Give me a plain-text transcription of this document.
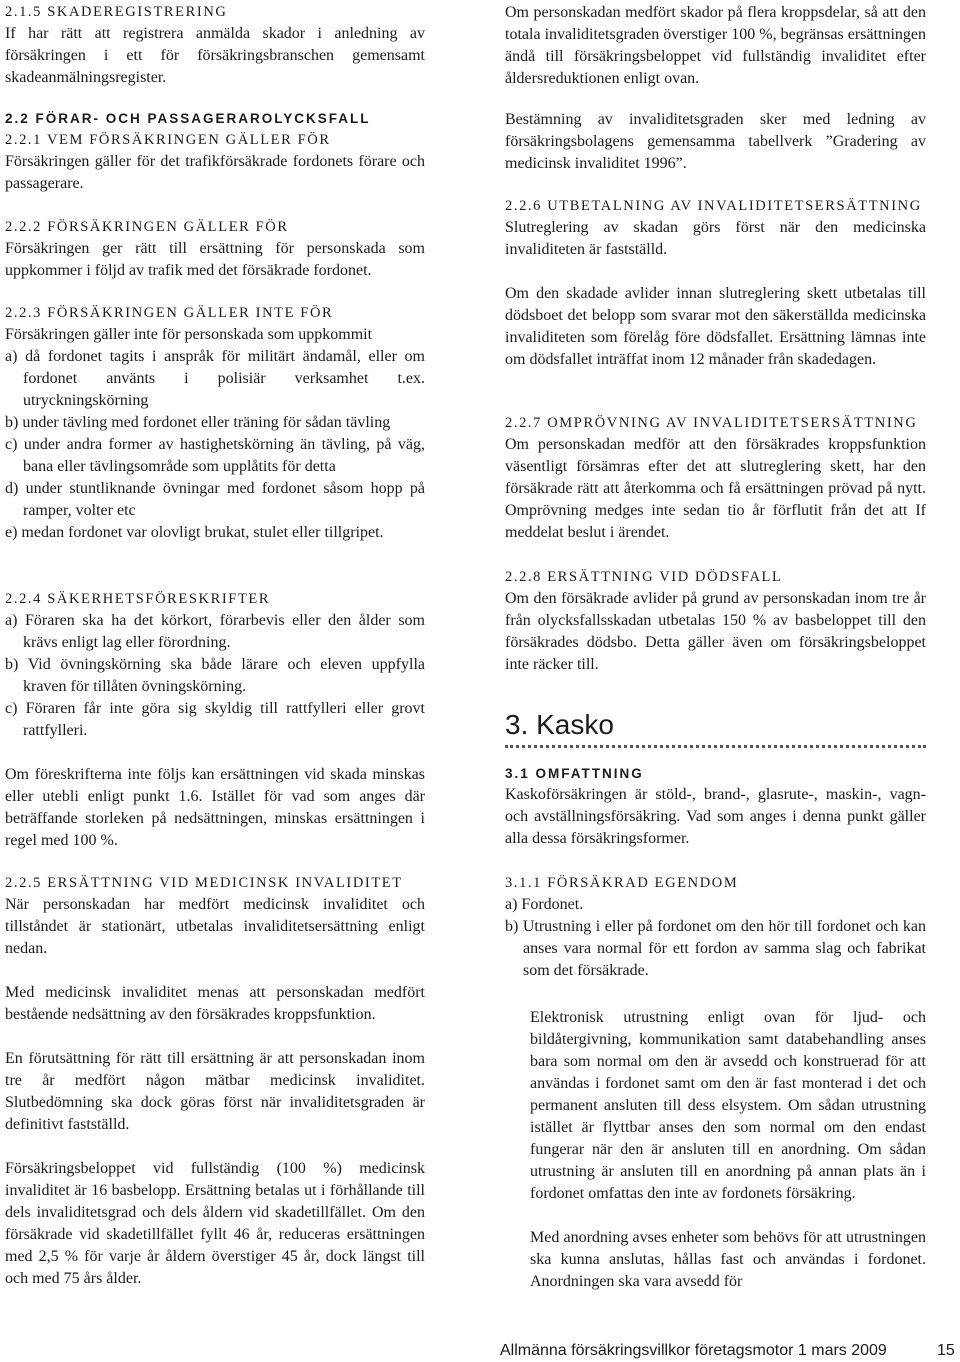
2.1.5 SKADEREGISTRERING
If har rätt att registrera anmälda skador i anledning av försäkringen i ett för försäkringsbranschen gemensamt skadeanmälningsregister.
2.2 FÖRAR- OCH PASSAGERAROLYCKSFALL
2.2.1 VEM FÖRSÄKRINGEN GÄLLER FÖR
Försäkringen gäller för det trafikförsäkrade fordonets förare och passagerare.
2.2.2 FÖRSÄKRINGEN GÄLLER FÖR
Försäkringen ger rätt till ersättning för personskada som uppkommer i följd av trafik med det försäkrade fordonet.
2.2.3 FÖRSÄKRINGEN GÄLLER INTE FÖR
Försäkringen gäller inte för personskada som uppkommit
a) då fordonet tagits i anspråk för militärt ändamål, eller om fordonet använts i polisiär verksamhet t.ex. utryckningskörning
b) under tävling med fordonet eller träning för sådan tävling
c) under andra former av hastighetskörning än tävling, på väg, bana eller tävlingsområde som upplåtits för detta
d) under stuntliknande övningar med fordonet såsom hopp på ramper, volter etc
e) medan fordonet var olovligt brukat, stulet eller tillgripet.
2.2.4 SÄKERHETSFÖRESKRIFTER
a) Föraren ska ha det körkort, förarbevis eller den ålder som krävs enligt lag eller förordning.
b) Vid övningskörning ska både lärare och eleven uppfylla kraven för tillåten övningskörning.
c) Föraren får inte göra sig skyldig till rattfylleri eller grovt rattfylleri.
Om föreskrifterna inte följs kan ersättningen vid skada minskas eller utebli enligt punkt 1.6. Istället för vad som anges där beträffande storleken på nedsättningen, minskas ersättningen i regel med 100 %.
2.2.5 ERSÄTTNING VID MEDICINSK INVALIDITET
När personskadan har medfört medicinsk invaliditet och tillståndet är stationärt, utbetalas invaliditetsersättning enligt nedan.
Med medicinsk invaliditet menas att personskadan medfört bestående nedsättning av den försäkrades kroppsfunktion.
En förutsättning för rätt till ersättning är att personskadan inom tre år medfört någon mätbar medicinsk invaliditet. Slutbedömning ska dock göras först när invaliditetsgraden är definitivt fastställd.
Försäkringsbeloppet vid fullständig (100 %) medicinsk invaliditet är 16 basbelopp. Ersättning betalas ut i förhållande till dels invaliditetsgrad och dels åldern vid skadetillfället. Om den försäkrade vid skadetillfället fyllt 46 år, reduceras ersättningen med 2,5 % för varje år åldern överstiger 45 år, dock längst till och med 75 års ålder.
Om personskadan medfört skador på flera kroppsdelar, så att den totala invaliditetsgraden överstiger 100 %, begränsas ersättningen ändå till försäkringsbeloppet vid fullständig invaliditet efter åldersreduktionen enligt ovan.
Bestämning av invaliditetsgraden sker med ledning av försäkringsbolagens gemensamma tabellverk ”Gradering av medicinsk invaliditet 1996”.
2.2.6 UTBETALNING AV INVALIDITETSERSÄTTNING
Slutreglering av skadan görs först när den medicinska invaliditeten är fastställd.
Om den skadade avlider innan slutreglering skett utbetalas till dödsboet det belopp som svarar mot den säkerställda medicinska invaliditeten som förelåg före dödsfallet. Ersättning lämnas inte om dödsfallet inträffat inom 12 månader från skadedagen.
2.2.7 OMPRÖVNING AV INVALIDITETSERSÄTTNING
Om personskadan medför att den försäkrades kroppsfunktion väsentligt försämras efter det att slutreglering skett, har den försäkrade rätt att återkomma och få ersättningen prövad på nytt. Omprövning medges inte sedan tio år förflutit från det att If meddelat beslut i ärendet.
2.2.8 ERSÄTTNING VID DÖDSFALL
Om den försäkrade avlider på grund av personskadan inom tre år från olycksfallsskadan utbetalas 150 % av basbeloppet till den försäkrades dödsbo. Detta gäller även om försäkringsbeloppet inte räcker till.
3. Kasko
3.1 OMFATTNING
Kaskoförsäkringen är stöld-, brand-, glasrute-, maskin-, vagn- och avställningsförsäkring. Vad som anges i denna punkt gäller alla dessa försäkringsformer.
3.1.1 FÖRSÄKRAD EGENDOM
a) Fordonet.
b) Utrustning i eller på fordonet om den hör till fordonet och kan anses vara normal för ett fordon av samma slag och fabrikat som det försäkrade.
Elektronisk utrustning enligt ovan för ljud- och bildåtergivning, kommunikation samt databehandling anses bara som normal om den är avsedd och konstruerad för att användas i fordonet samt om den är fast monterad i det och permanent ansluten till dess elsystem. Om sådan utrustning istället är flyttbar anses den som normal om den endast fungerar när den är ansluten till en anordning. Om sådan utrustning är ansluten till en anordning på annan plats än i fordonet omfattas den inte av fordonets försäkring.
Med anordning avses enheter som behövs för att utrustningen ska kunna anslutas, hållas fast och användas i fordonet. Anordningen ska vara avsedd för
Allmänna försäkringsvillkor företagsmotor 1 mars 2009	15
